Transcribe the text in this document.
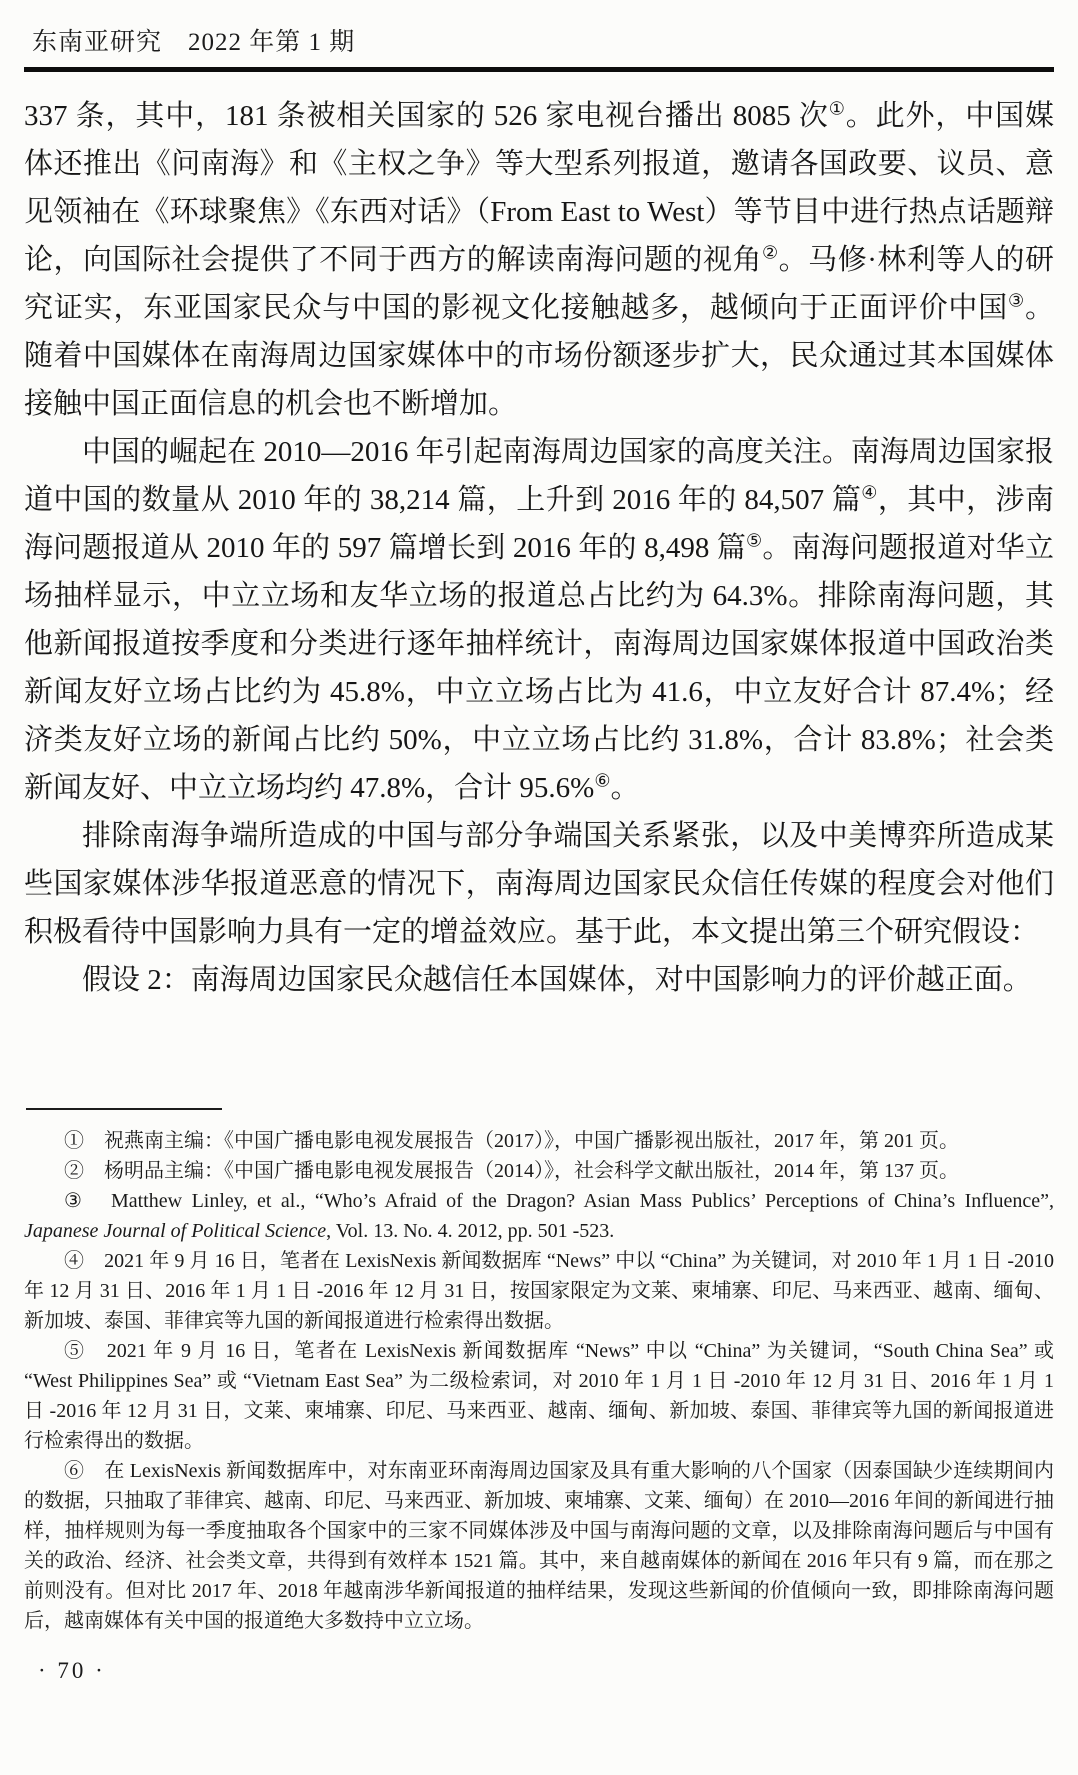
东南亚研究　2022 年第 1 期

337 条，其中，181 条被相关国家的 526 家电视台播出 8085 次①。此外，中国媒体还推出《问南海》和《主权之争》等大型系列报道，邀请各国政要、议员、意见领袖在《环球聚焦》《东西对话》（From East to West）等节目中进行热点话题辩论，向国际社会提供了不同于西方的解读南海问题的视角②。马修·林利等人的研究证实，东亚国家民众与中国的影视文化接触越多，越倾向于正面评价中国③。随着中国媒体在南海周边国家媒体中的市场份额逐步扩大，民众通过其本国媒体接触中国正面信息的机会也不断增加。

中国的崛起在 2010—2016 年引起南海周边国家的高度关注。南海周边国家报道中国的数量从 2010 年的 38,214 篇，上升到 2016 年的 84,507 篇④，其中，涉南海问题报道从 2010 年的 597 篇增长到 2016 年的 8,498 篇⑤。南海问题报道对华立场抽样显示，中立立场和友华立场的报道总占比约为 64.3%。排除南海问题，其他新闻报道按季度和分类进行逐年抽样统计，南海周边国家媒体报道中国政治类新闻友好立场占比约为 45.8%，中立立场占比为 41.6，中立友好合计 87.4%；经济类友好立场的新闻占比约 50%，中立立场占比约 31.8%，合计 83.8%；社会类新闻友好、中立立场均约 47.8%，合计 95.6%⑥。

排除南海争端所造成的中国与部分争端国关系紧张，以及中美博弈所造成某些国家媒体涉华报道恶意的情况下，南海周边国家民众信任传媒的程度会对他们积极看待中国影响力具有一定的增益效应。基于此，本文提出第三个研究假设：

假设 2：南海周边国家民众越信任本国媒体，对中国影响力的评价越正面。

①　祝燕南主编：《中国广播电影电视发展报告（2017）》，中国广播影视出版社，2017 年，第 201 页。

②　杨明品主编：《中国广播电影电视发展报告（2014）》，社会科学文献出版社，2014 年，第 137 页。

③　Matthew Linley, et al., “Who’s Afraid of the Dragon? Asian Mass Publics’ Perceptions of China’s Influence”, Japanese Journal of Political Science, Vol. 13. No. 4. 2012, pp. 501 -523.

④　2021 年 9 月 16 日，笔者在 LexisNexis 新闻数据库 “News” 中以 “China” 为关键词，对 2010 年 1 月 1 日 -2010 年 12 月 31 日、2016 年 1 月 1 日 -2016 年 12 月 31 日，按国家限定为文莱、柬埔寨、印尼、马来西亚、越南、缅甸、新加坡、泰国、菲律宾等九国的新闻报道进行检索得出数据。

⑤　2021 年 9 月 16 日，笔者在 LexisNexis 新闻数据库 “News” 中以 “China” 为关键词，“South China Sea” 或 “West Philippines Sea” 或 “Vietnam East Sea” 为二级检索词，对 2010 年 1 月 1 日 -2010 年 12 月 31 日、2016 年 1 月 1 日 -2016 年 12 月 31 日，文莱、柬埔寨、印尼、马来西亚、越南、缅甸、新加坡、泰国、菲律宾等九国的新闻报道进行检索得出的数据。

⑥　在 LexisNexis 新闻数据库中，对东南亚环南海周边国家及具有重大影响的八个国家（因泰国缺少连续期间内的数据，只抽取了菲律宾、越南、印尼、马来西亚、新加坡、柬埔寨、文莱、缅甸）在 2010—2016 年间的新闻进行抽样，抽样规则为每一季度抽取各个国家中的三家不同媒体涉及中国与南海问题的文章，以及排除南海问题后与中国有关的政治、经济、社会类文章，共得到有效样本 1521 篇。其中，来自越南媒体的新闻在 2016 年只有 9 篇，而在那之前则没有。但对比 2017 年、2018 年越南涉华新闻报道的抽样结果，发现这些新闻的价值倾向一致，即排除南海问题后，越南媒体有关中国的报道绝大多数持中立立场。

· 70 ·
